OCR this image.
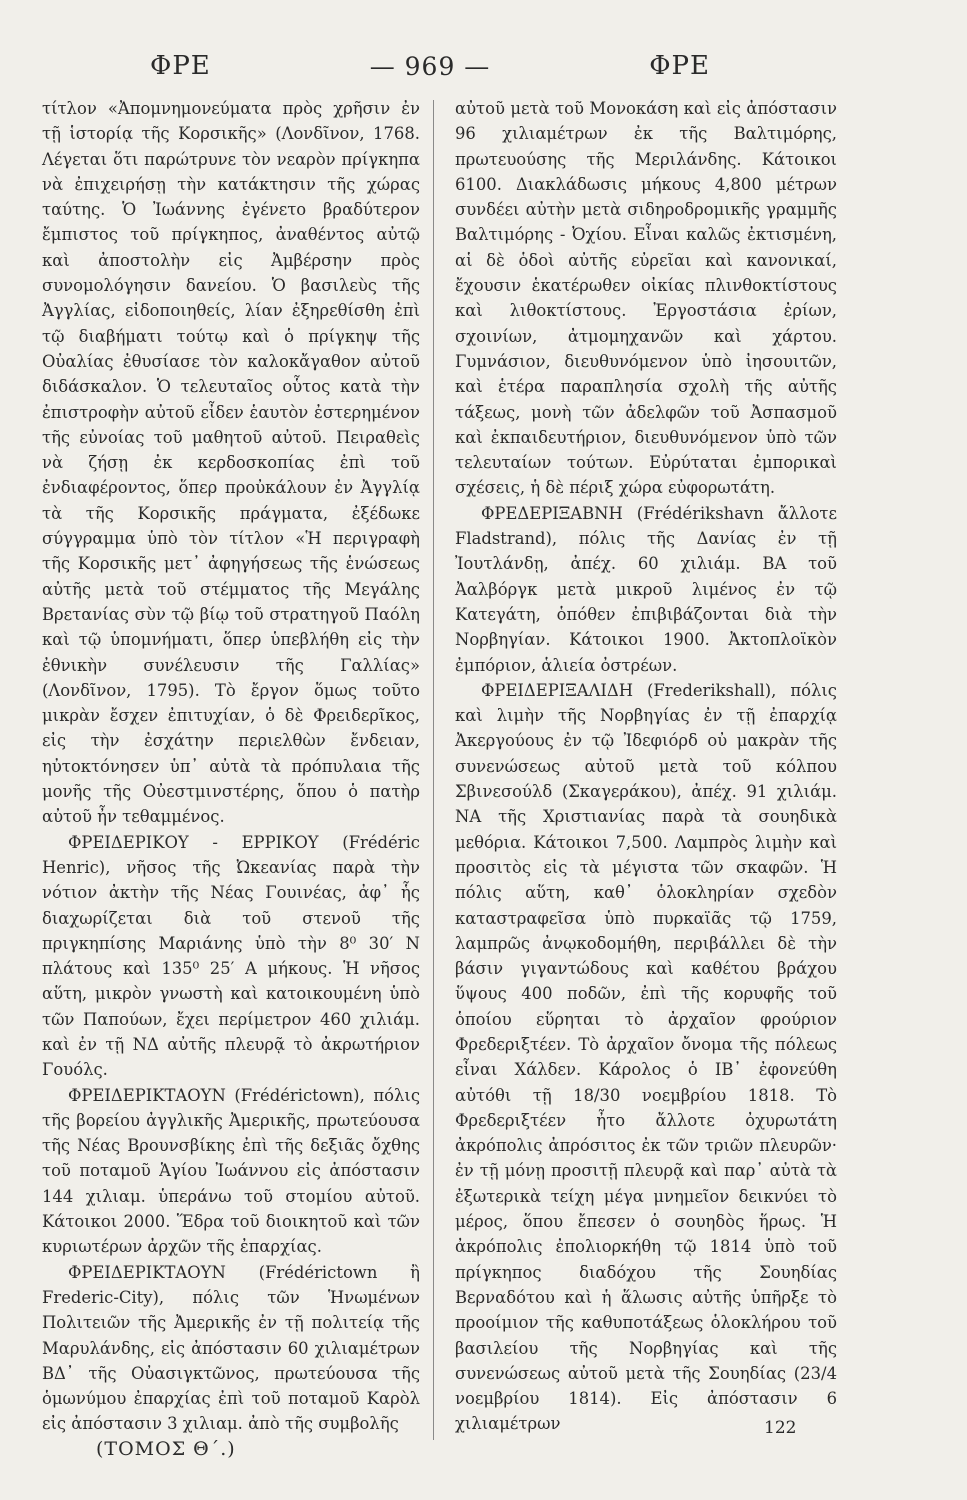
ΦΡΕ	— 969 —	ΦΡΕ

τίτλον «Ἀπομνημονεύματα πρὸς χρῆσιν ἐν τῇ ἱστορίᾳ τῆς Κορσικῆς» (Λονδῖνον, 1768. Λέγεται ὅτι παρώτρυνε τὸν νεαρὸν πρίγκηπα νὰ ἐπιχειρήσῃ τὴν κατάκτησιν τῆς χώρας ταύτης. Ὁ Ἰωάννης ἐγένετο βραδύτερον ἔμπιστος τοῦ πρίγκηπος, ἀναθέντος αὐτῷ καὶ ἀποστολὴν εἰς Ἀμβέρσην πρὸς συνομολόγησιν δανείου. Ὁ βασιλεὺς τῆς Ἀγγλίας, εἰδοποιηθείς, λίαν ἐξηρεθίσθη ἐπὶ τῷ διαβήματι τούτῳ καὶ ὁ πρίγκηψ τῆς Οὐαλίας ἐθυσίασε τὸν καλοκἄγαθον αὐτοῦ διδάσκαλον. Ὁ τελευταῖος οὗτος κατὰ τὴν ἐπιστροφὴν αὐτοῦ εἶδεν ἑαυτὸν ἐστερημένον τῆς εὐνοίας τοῦ μαθητοῦ αὐτοῦ. Πειραθεὶς νὰ ζήσῃ ἐκ κερδοσκοπίας ἐπὶ τοῦ ἐνδιαφέροντος, ὅπερ προὐκάλουν ἐν Ἀγγλίᾳ τὰ τῆς Κορσικῆς πράγματα, ἐξέδωκε σύγγραμμα ὑπὸ τὸν τίτλον «Ἡ περιγραφὴ τῆς Κορσικῆς μετ᾽ ἀφηγήσεως τῆς ἑνώσεως αὐτῆς μετὰ τοῦ στέμματος τῆς Μεγάλης Βρετανίας σὺν τῷ βίῳ τοῦ στρατηγοῦ Παόλη καὶ τῷ ὑπομνήματι, ὅπερ ὑπεβλήθη εἰς τὴν ἐθνικὴν συνέλευσιν τῆς Γαλλίας» (Λονδῖνον, 1795). Τὸ ἔργον ὅμως τοῦτο μικρὰν ἔσχεν ἐπιτυχίαν, ὁ δὲ Φρειδερῖκος, εἰς τὴν ἐσχάτην περιελθὼν ἔνδειαν, ηὐτοκτόνησεν ὑπ᾽ αὐτὰ τὰ πρόπυλαια τῆς μονῆς τῆς Οὐεστμινστέρης, ὅπου ὁ πατὴρ αὐτοῦ ἦν τεθαμμένος.

ΦΡΕΙΔΕΡΙΚΟΥ - ΕΡΡΙΚΟΥ (Frédéric Henric), νῆσος τῆς Ὠκεανίας παρὰ τὴν νότιον ἀκτὴν τῆς Νέας Γουινέας, ἀφ᾽ ἧς διαχωρίζεται διὰ τοῦ στενοῦ τῆς πριγκηπίσης Μαριάνης ὑπὸ τὴν 8⁰ 30′ Ν πλάτους καὶ 135⁰ 25′ Α μήκους. Ἡ νῆσος αὕτη, μικρὸν γνωστὴ καὶ κατοικουμένη ὑπὸ τῶν Παπούων, ἔχει περίμετρον 460 χιλιάμ. καὶ ἐν τῇ ΝΔ αὐτῆς πλευρᾷ τὸ ἀκρωτήριον Γουόλς.

ΦΡΕΙΔΕΡΙΚΤΑΟΥΝ (Frédérictown), πόλις τῆς βορείου ἀγγλικῆς Ἀμερικῆς, πρωτεύουσα τῆς Νέας Βρουνσβίκης ἐπὶ τῆς δεξιᾶς ὄχθης τοῦ ποταμοῦ Ἁγίου Ἰωάννου εἰς ἀπόστασιν 144 χιλιαμ. ὑπεράνω τοῦ στομίου αὐτοῦ. Κάτοικοι 2000. Ἕδρα τοῦ διοικητοῦ καὶ τῶν κυριωτέρων ἀρχῶν τῆς ἐπαρχίας.

ΦΡΕΙΔΕΡΙΚΤΑΟΥΝ (Frédérictown ἢ Frederic-City), πόλις τῶν Ἡνωμένων Πολιτειῶν τῆς Ἀμερικῆς ἐν τῇ πολιτείᾳ τῆς Μαρυλάνδης, εἰς ἀπόστασιν 60 χιλιαμέτρων ΒΔ᾽ τῆς Οὐασιγκτῶνος, πρωτεύουσα τῆς ὁμωνύμου ἐπαρχίας ἐπὶ τοῦ ποταμοῦ Καρὸλ εἰς ἀπόστασιν 3 χιλιαμ. ἀπὸ τῆς συμβολῆς

αὐτοῦ μετὰ τοῦ Μονοκάση καὶ εἰς ἀπόστασιν 96 χιλιαμέτρων ἐκ τῆς Βαλτιμόρης, πρωτευούσης τῆς Μεριλάνδης. Κάτοικοι 6100. Διακλάδωσις μήκους 4,800 μέτρων συνδέει αὐτὴν μετὰ σιδηροδρομικῆς γραμμῆς Βαλτιμόρης - Ὀχίου. Εἶναι καλῶς ἐκτισμένη, αἱ δὲ ὁδοὶ αὐτῆς εὐρεῖαι καὶ κανονικαί, ἔχουσιν ἑκατέρωθεν οἰκίας πλινθοκτίστους καὶ λιθοκτίστους. Ἐργοστάσια ἐρίων, σχοινίων, ἀτμομηχανῶν καὶ χάρτου. Γυμνάσιον, διευθυνόμενον ὑπὸ ἰησουιτῶν, καὶ ἑτέρα παραπλησία σχολὴ τῆς αὐτῆς τάξεως, μονὴ τῶν ἀδελφῶν τοῦ Ἀσπασμοῦ καὶ ἐκπαιδευτήριον, διευθυνόμενον ὑπὸ τῶν τελευταίων τούτων. Εὐρύταται ἐμπορικαὶ σχέσεις, ἡ δὲ πέριξ χώρα εὐφορωτάτη.

ΦΡΕΔΕΡΙΞΑΒΝΗ (Frédérikshavn ἄλλοτε Fladstrand), πόλις τῆς Δανίας ἐν τῇ Ἰουτλάνδῃ, ἀπέχ. 60 χιλιάμ. ΒΑ τοῦ Ἀαλβόργκ μετὰ μικροῦ λιμένος ἐν τῷ Κατεγάτη, ὁπόθεν ἐπιβιβάζονται διὰ τὴν Νορβηγίαν. Κάτοικοι 1900. Ἀκτοπλοϊκὸν ἐμπόριον, ἁλιεία ὀστρέων.

ΦΡΕΙΔΕΡΙΞΑΛΙΔΗ (Frederikshall), πόλις καὶ λιμὴν τῆς Νορβηγίας ἐν τῇ ἐπαρχίᾳ Ἀκεργούους ἐν τῷ Ἰδεφιόρδ οὐ μακρὰν τῆς συνενώσεως αὐτοῦ μετὰ τοῦ κόλπου Σβινεσούλδ (Σκαγεράκου), ἀπέχ. 91 χιλιάμ. ΝΑ τῆς Χριστιανίας παρὰ τὰ σουηδικὰ μεθόρια. Κάτοικοι 7,500. Λαμπρὸς λιμὴν καὶ προσιτὸς εἰς τὰ μέγιστα τῶν σκαφῶν. Ἡ πόλις αὕτη, καθ᾽ ὁλοκληρίαν σχεδὸν καταστραφεῖσα ὑπὸ πυρκαϊᾶς τῷ 1759, λαμπρῶς ἀνῳκοδομήθη, περιβάλλει δὲ τὴν βάσιν γιγαντώδους καὶ καθέτου βράχου ὕψους 400 ποδῶν, ἐπὶ τῆς κορυφῆς τοῦ ὁποίου εὕρηται τὸ ἀρχαῖον φρούριον Φρεδεριξτέεν. Τὸ ἀρχαῖον ὄνομα τῆς πόλεως εἶναι Χάλδεν. Κάρολος ὁ ΙΒ᾽ ἐφονεύθη αὐτόθι τῇ 18/30 νοεμβρίου 1818. Τὸ Φρεδεριξτέεν ἦτο ἄλλοτε ὀχυρωτάτη ἀκρόπολις ἀπρόσιτος ἐκ τῶν τριῶν πλευρῶν· ἐν τῇ μόνῃ προσιτῇ πλευρᾷ καὶ παρ᾽ αὐτὰ τὰ ἐξωτερικὰ τείχη μέγα μνημεῖον δεικνύει τὸ μέρος, ὅπου ἔπεσεν ὁ σουηδὸς ἥρως. Ἡ ἀκρόπολις ἐπολιορκήθη τῷ 1814 ὑπὸ τοῦ πρίγκηπος διαδόχου τῆς Σουηδίας Βερναδότου καὶ ἡ ἅλωσις αὐτῆς ὑπῆρξε τὸ προοίμιον τῆς καθυποτάξεως ὁλοκλήρου τοῦ βασιλείου τῆς Νορβηγίας καὶ τῆς συνενώσεως αὐτοῦ μετὰ τῆς Σουηδίας (23/4 νοεμβρίου 1814). Εἰς ἀπόστασιν 6 χιλιαμέτρων

(ΤΟΜΟΣ Θ´.)
122
